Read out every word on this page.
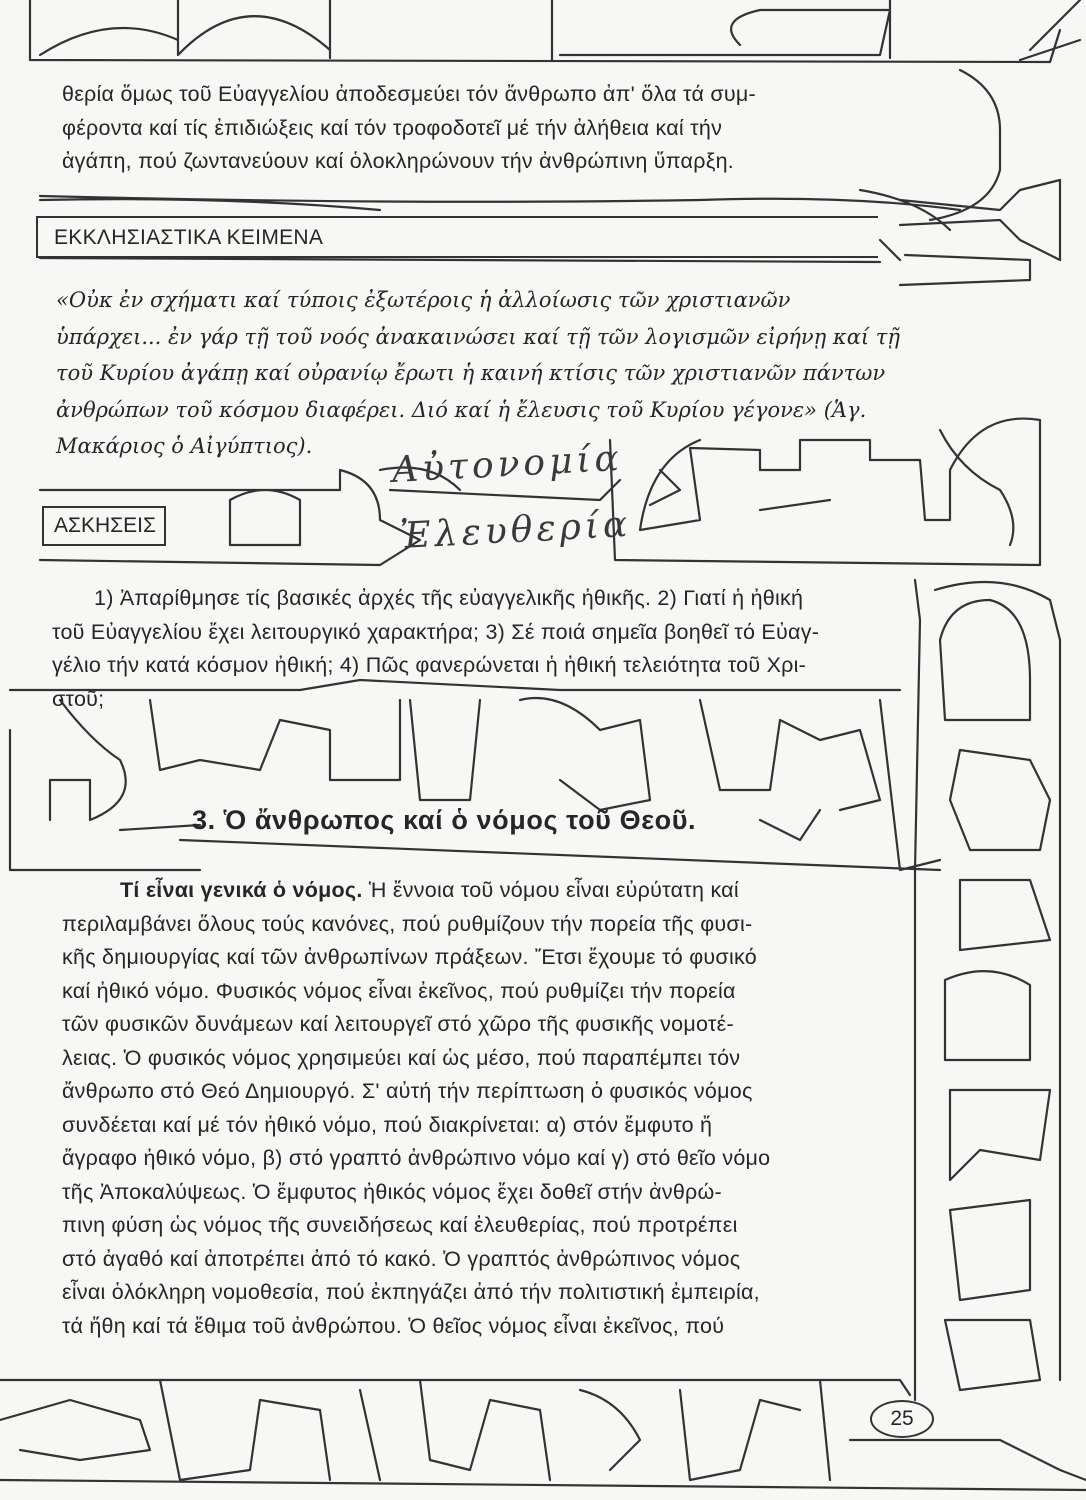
θερία ὅμως τοῦ Εὐαγγελίου ἀποδεσμεύει τόν ἄνθρωπο ἀπ' ὅλα τά συμ-
φέροντα καί τίς ἐπιδιώξεις καί τόν τροφοδοτεῖ μέ τήν ἀλήθεια καί τήν
ἀγάπη, πού ζωντανεύουν καί ὁλοκληρώνουν τήν ἀνθρώπινη ὕπαρξη.
ΕΚΚΛΗΣΙΑΣΤΙΚΑ ΚΕΙΜΕΝΑ
«Οὐκ ἐν σχήματι καί τύποις ἐξωτέροις ἡ ἀλλοίωσις τῶν χριστιανῶν
ὑπάρχει... ἐν γάρ τῇ τοῦ νοός ἀνακαινώσει καί τῇ τῶν λογισμῶν εἰρήνῃ καί τῇ
τοῦ Κυρίου ἀγάπῃ καί οὐρανίῳ ἔρωτι ἡ καινή κτίσις τῶν χριστιανῶν πάντων
ἀνθρώπων τοῦ κόσμου διαφέρει. Διό καί ἡ ἔλευσις τοῦ Κυρίου γέγονε» (Ἁγ.
Μακάριος ὁ Αἰγύπτιος).	Αὐτονομία
Ἐλευθερία
ΑΣΚΗΣΕΙΣ
1) Ἀπαρίθμησε τίς βασικές ἀρχές τῆς εὐαγγελικῆς ἠθικῆς. 2) Γιατί ἡ ἠθική
τοῦ Εὐαγγελίου ἔχει λειτουργικό χαρακτήρα; 3) Σέ ποιά σημεῖα βοηθεῖ τό Εὐαγ-
γέλιο τήν κατά κόσμον ἠθική; 4) Πῶς φανερώνεται ἡ ἠθική τελειότητα τοῦ Χρι-
στοῦ;
3. Ὁ ἄνθρωπος καί ὁ νόμος τοῦ Θεοῦ.
Τί εἶναι γενικά ὁ νόμος. Ἡ ἔννοια τοῦ νόμου εἶναι εὐρύτατη καί
περιλαμβάνει ὅλους τούς κανόνες, πού ρυθμίζουν τήν πορεία τῆς φυσι-
κῆς δημιουργίας καί τῶν ἀνθρωπίνων πράξεων. Ἔτσι ἔχουμε τό φυσικό
καί ἠθικό νόμο. Φυσικός νόμος εἶναι ἐκεῖνος, πού ρυθμίζει τήν πορεία
τῶν φυσικῶν δυνάμεων καί λειτουργεῖ στό χῶρο τῆς φυσικῆς νομοτέ-
λειας. Ὁ φυσικός νόμος χρησιμεύει καί ὡς μέσο, πού παραπέμπει τόν
ἄνθρωπο στό Θεό Δημιουργό. Σ' αὐτή τήν περίπτωση ὁ φυσικός νόμος
συνδέεται καί μέ τόν ἠθικό νόμο, πού διακρίνεται: α) στόν ἔμφυτο ἤ
ἄγραφο ἠθικό νόμο, β) στό γραπτό ἀνθρώπινο νόμο καί γ) στό θεῖο νόμο
τῆς Ἀποκαλύψεως. Ὁ ἔμφυτος ἠθικός νόμος ἔχει δοθεῖ στήν ἀνθρώ-
πινη φύση ὡς νόμος τῆς συνειδήσεως καί ἐλευθερίας, πού προτρέπει
στό ἀγαθό καί ἀποτρέπει ἀπό τό κακό. Ὁ γραπτός ἀνθρώπινος νόμος
εἶναι ὁλόκληρη νομοθεσία, πού ἐκπηγάζει ἀπό τήν πολιτιστική ἐμπειρία,
τά ἤθη καί τά ἔθιμα τοῦ ἀνθρώπου. Ὁ θεῖος νόμος εἶναι ἐκεῖνος, πού
25
